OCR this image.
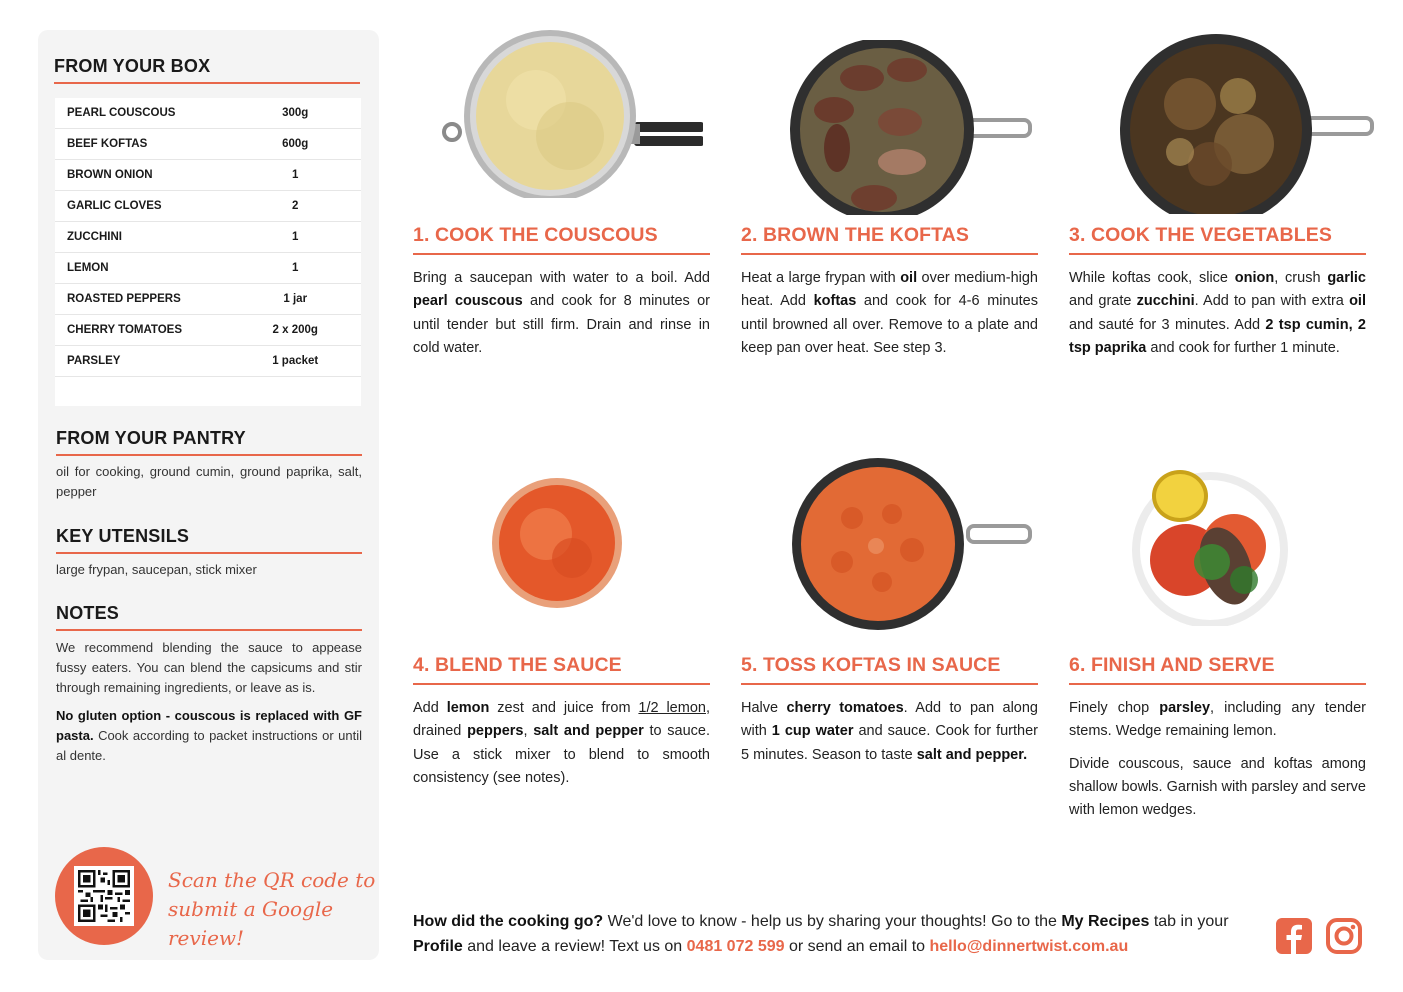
FROM YOUR BOX
PEARL COUSCOUS	300g
BEEF KOFTAS	600g
BROWN ONION	1
GARLIC CLOVES	2
ZUCCHINI	1
LEMON	1
ROASTED PEPPERS	1 jar
CHERRY TOMATOES	2 x 200g
PARSLEY	1 packet
FROM YOUR PANTRY
oil for cooking, ground cumin, ground paprika, salt, pepper
KEY UTENSILS
large frypan, saucepan, stick mixer
NOTES
We recommend blending the sauce to appease fussy eaters. You can blend the capsicums and stir through remaining ingredients, or leave as is.
No gluten option - couscous is replaced with GF pasta. Cook according to packet instructions or until al dente.
Scan the QR code to
submit a Google review!
1. COOK THE COUSCOUS
Bring a saucepan with water to a boil. Add pearl couscous and cook for 8 minutes or until tender but still firm. Drain and rinse in cold water.
2. BROWN THE KOFTAS
Heat a large frypan with oil over medium-high heat. Add koftas and cook for 4-6 minutes until browned all over. Remove to a plate and keep pan over heat. See step 3.
3. COOK THE VEGETABLES
While koftas cook, slice onion, crush garlic and grate zucchini. Add to pan with extra oil and sauté for 3 minutes. Add 2 tsp cumin, 2 tsp paprika and cook for further 1 minute.
4. BLEND THE SAUCE
Add lemon zest and juice from 1/2 lemon, drained peppers, salt and pepper to sauce. Use a stick mixer to blend to smooth consistency (see notes).
5. TOSS KOFTAS IN SAUCE
Halve cherry tomatoes. Add to pan along with 1 cup water and sauce. Cook for further 5 minutes. Season to taste salt and pepper.
6. FINISH AND SERVE

Finely chop parsley, including any tender stems. Wedge remaining lemon.

Divide couscous, sauce and koftas among shallow bowls. Garnish with parsley and serve with lemon wedges.

How did the cooking go? We'd love to know - help us by sharing your thoughts! Go to the My Recipes tab in your Profile and leave a review! Text us on 0481 072 599 or send an email to hello@dinnertwist.com.au
